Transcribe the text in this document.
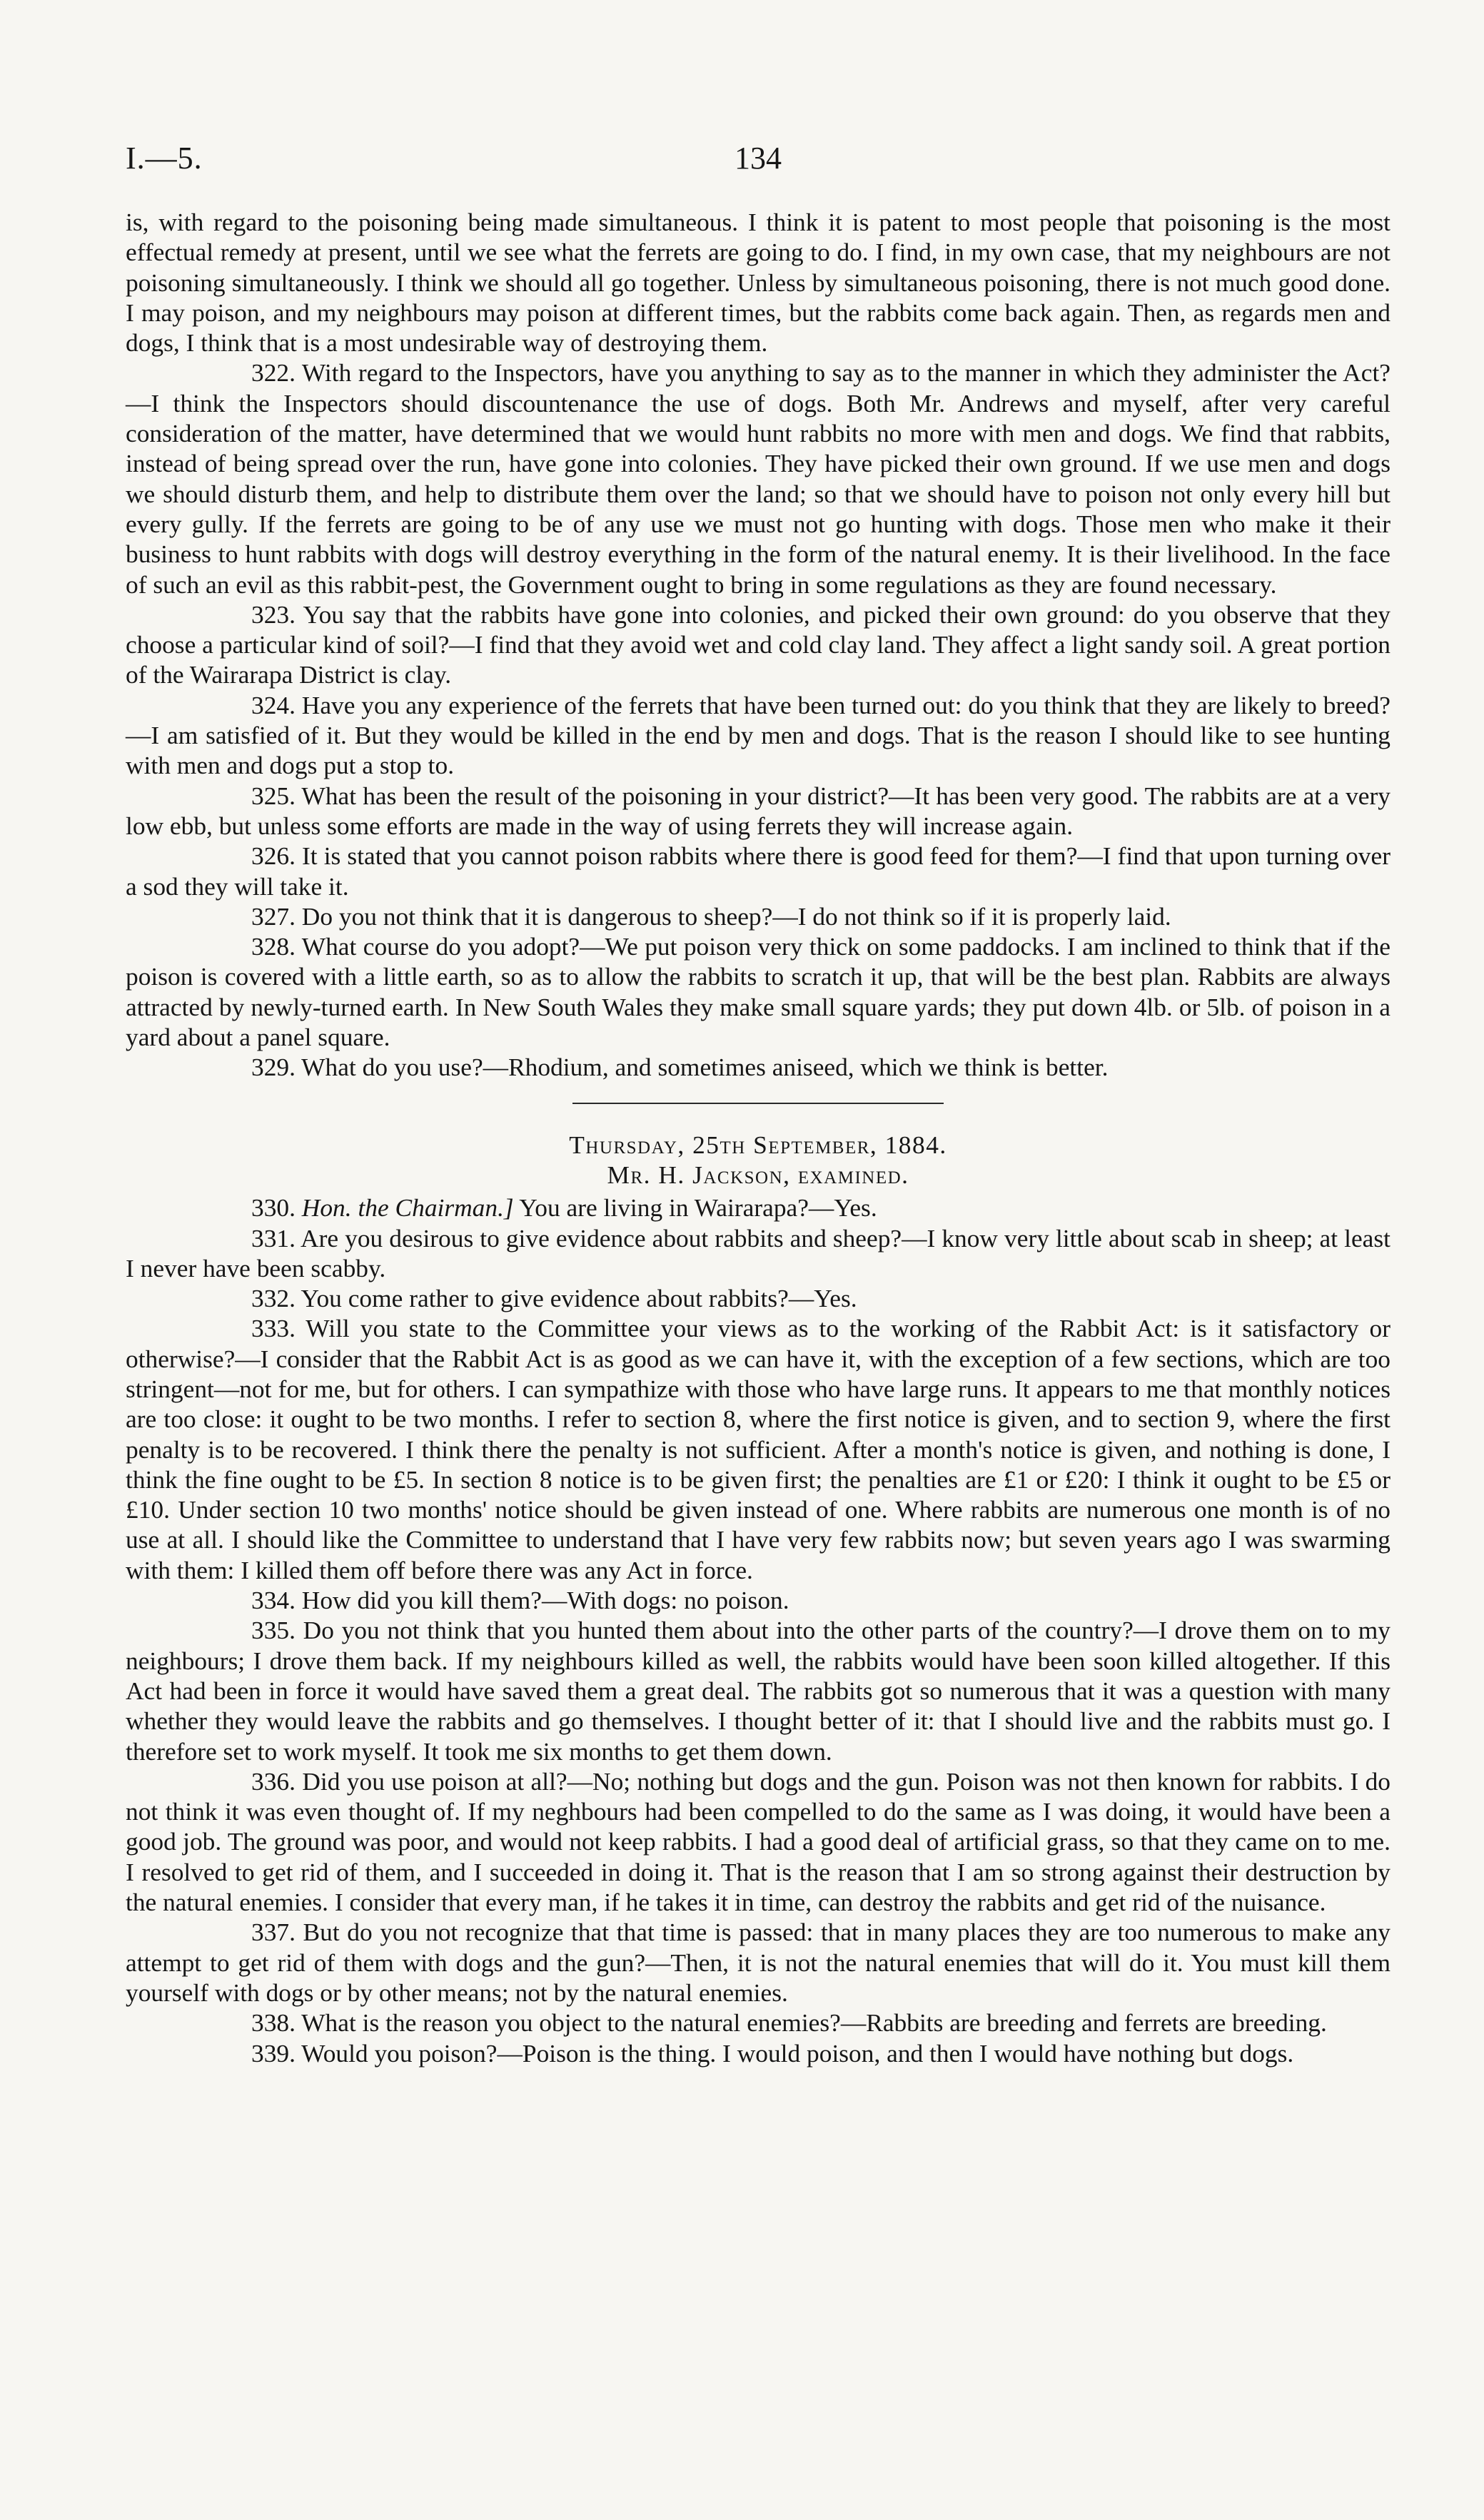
I.—5.	134

is, with regard to the poisoning being made simultaneous. I think it is patent to most people that poisoning is the most effectual remedy at present, until we see what the ferrets are going to do. I find, in my own case, that my neighbours are not poisoning simultaneously. I think we should all go together. Unless by simultaneous poisoning, there is not much good done. I may poison, and my neighbours may poison at different times, but the rabbits come back again. Then, as regards men and dogs, I think that is a most undesirable way of destroying them.

322. With regard to the Inspectors, have you anything to say as to the manner in which they administer the Act?—I think the Inspectors should discountenance the use of dogs. Both Mr. Andrews and myself, after very careful consideration of the matter, have determined that we would hunt rabbits no more with men and dogs. We find that rabbits, instead of being spread over the run, have gone into colonies. They have picked their own ground. If we use men and dogs we should disturb them, and help to distribute them over the land; so that we should have to poison not only every hill but every gully. If the ferrets are going to be of any use we must not go hunting with dogs. Those men who make it their business to hunt rabbits with dogs will destroy everything in the form of the natural enemy. It is their livelihood. In the face of such an evil as this rabbit-pest, the Government ought to bring in some regulations as they are found necessary.

323. You say that the rabbits have gone into colonies, and picked their own ground: do you observe that they choose a particular kind of soil?—I find that they avoid wet and cold clay land. They affect a light sandy soil. A great portion of the Wairarapa District is clay.

324. Have you any experience of the ferrets that have been turned out: do you think that they are likely to breed?—I am satisfied of it. But they would be killed in the end by men and dogs. That is the reason I should like to see hunting with men and dogs put a stop to.

325. What has been the result of the poisoning in your district?—It has been very good. The rabbits are at a very low ebb, but unless some efforts are made in the way of using ferrets they will increase again.

326. It is stated that you cannot poison rabbits where there is good feed for them?—I find that upon turning over a sod they will take it.

327. Do you not think that it is dangerous to sheep?—I do not think so if it is properly laid.

328. What course do you adopt?—We put poison very thick on some paddocks. I am inclined to think that if the poison is covered with a little earth, so as to allow the rabbits to scratch it up, that will be the best plan. Rabbits are always attracted by newly-turned earth. In New South Wales they make small square yards; they put down 4lb. or 5lb. of poison in a yard about a panel square.

329. What do you use?—Rhodium, and sometimes aniseed, which we think is better.

Thursday, 25th September, 1884.

Mr. H. Jackson, examined.

330. Hon. the Chairman.] You are living in Wairarapa?—Yes.

331. Are you desirous to give evidence about rabbits and sheep?—I know very little about scab in sheep; at least I never have been scabby.

332. You come rather to give evidence about rabbits?—Yes.

333. Will you state to the Committee your views as to the working of the Rabbit Act: is it satisfactory or otherwise?—I consider that the Rabbit Act is as good as we can have it, with the exception of a few sections, which are too stringent—not for me, but for others. I can sympathize with those who have large runs. It appears to me that monthly notices are too close: it ought to be two months. I refer to section 8, where the first notice is given, and to section 9, where the first penalty is to be recovered. I think there the penalty is not sufficient. After a month's notice is given, and nothing is done, I think the fine ought to be £5. In section 8 notice is to be given first; the penalties are £1 or £20: I think it ought to be £5 or £10. Under section 10 two months' notice should be given instead of one. Where rabbits are numerous one month is of no use at all. I should like the Committee to understand that I have very few rabbits now; but seven years ago I was swarming with them: I killed them off before there was any Act in force.

334. How did you kill them?—With dogs: no poison.

335. Do you not think that you hunted them about into the other parts of the country?—I drove them on to my neighbours; I drove them back. If my neighbours killed as well, the rabbits would have been soon killed altogether. If this Act had been in force it would have saved them a great deal. The rabbits got so numerous that it was a question with many whether they would leave the rabbits and go themselves. I thought better of it: that I should live and the rabbits must go. I therefore set to work myself. It took me six months to get them down.

336. Did you use poison at all?—No; nothing but dogs and the gun. Poison was not then known for rabbits. I do not think it was even thought of. If my neghbours had been compelled to do the same as I was doing, it would have been a good job. The ground was poor, and would not keep rabbits. I had a good deal of artificial grass, so that they came on to me. I resolved to get rid of them, and I succeeded in doing it. That is the reason that I am so strong against their destruction by the natural enemies. I consider that every man, if he takes it in time, can destroy the rabbits and get rid of the nuisance.

337. But do you not recognize that that time is passed: that in many places they are too numerous to make any attempt to get rid of them with dogs and the gun?—Then, it is not the natural enemies that will do it. You must kill them yourself with dogs or by other means; not by the natural enemies.

338. What is the reason you object to the natural enemies?—Rabbits are breeding and ferrets are breeding.

339. Would you poison?—Poison is the thing. I would poison, and then I would have nothing but dogs.
